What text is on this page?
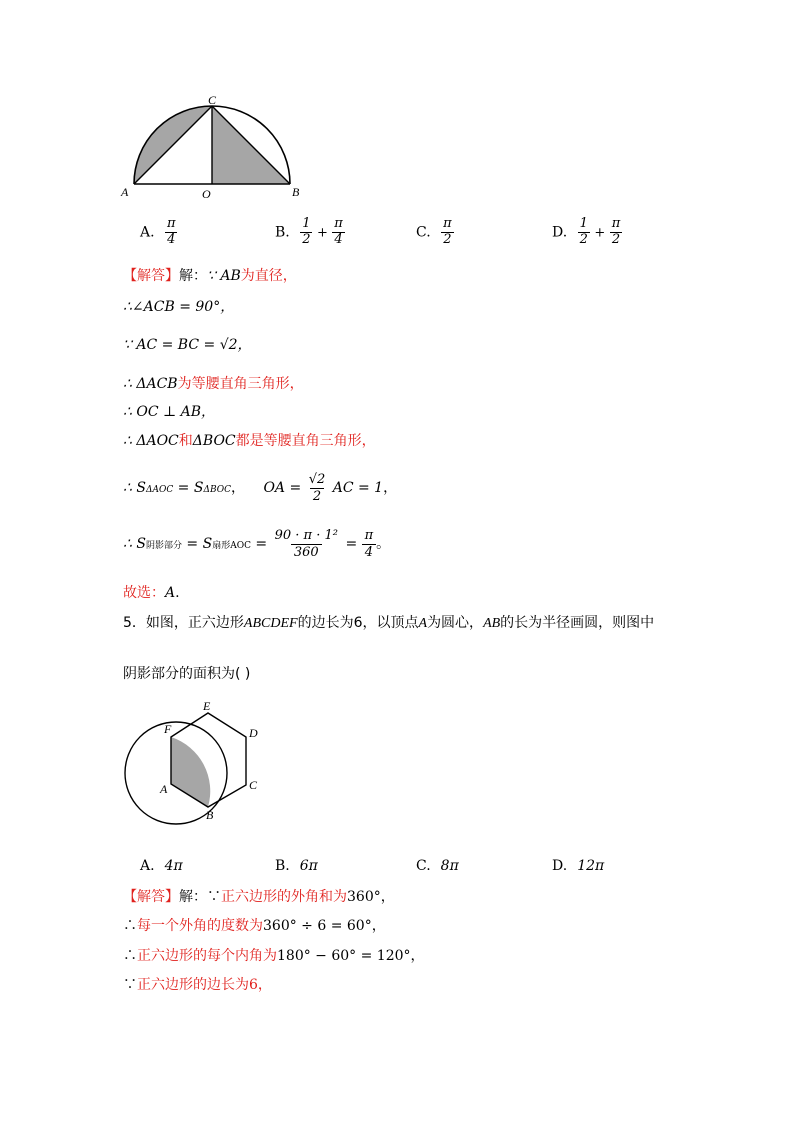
C
A	O	B
A. $\frac{\pi}{4}$	B. $\frac{1}{2} + \frac{\pi}{4}$	C. $\frac{\pi}{2}$	D. $\frac{1}{2} + \frac{\pi}{2}$
【解答】解：∵ AB为直径，
∴∠ACB = 90°，
∵ AC = BC = √2，
∴ ΔACB为等腰直角三角形，
∴ OC ⊥ AB，
∴ ΔAOC和ΔBOC都是等腰直角三角形，
∴ SΔAOC = SΔBOC， OA = $\frac{√2}{2}$ AC = 1，
∴ S阴影部分 = S扇形AOC = $\frac{\text{90 · π · 1²}}{360} = \frac{\pi}{4}$ 。
故选：A.
5．如图，正六边形ABCDEF的边长为6，以顶点A为圆心，AB的长为半径画圆，则图中
阴影部分的面积为( )
E
F	D
C
A
B
A. 4π	B. 6π	C. 8π	D. 12π
【解答】解：∵正六边形的外角和为360°，
∴每一个外角的度数为360° ÷ 6 = 60°，
∴正六边形的每个内角为180° − 60° = 120°，
∵正六边形的边长为6，
